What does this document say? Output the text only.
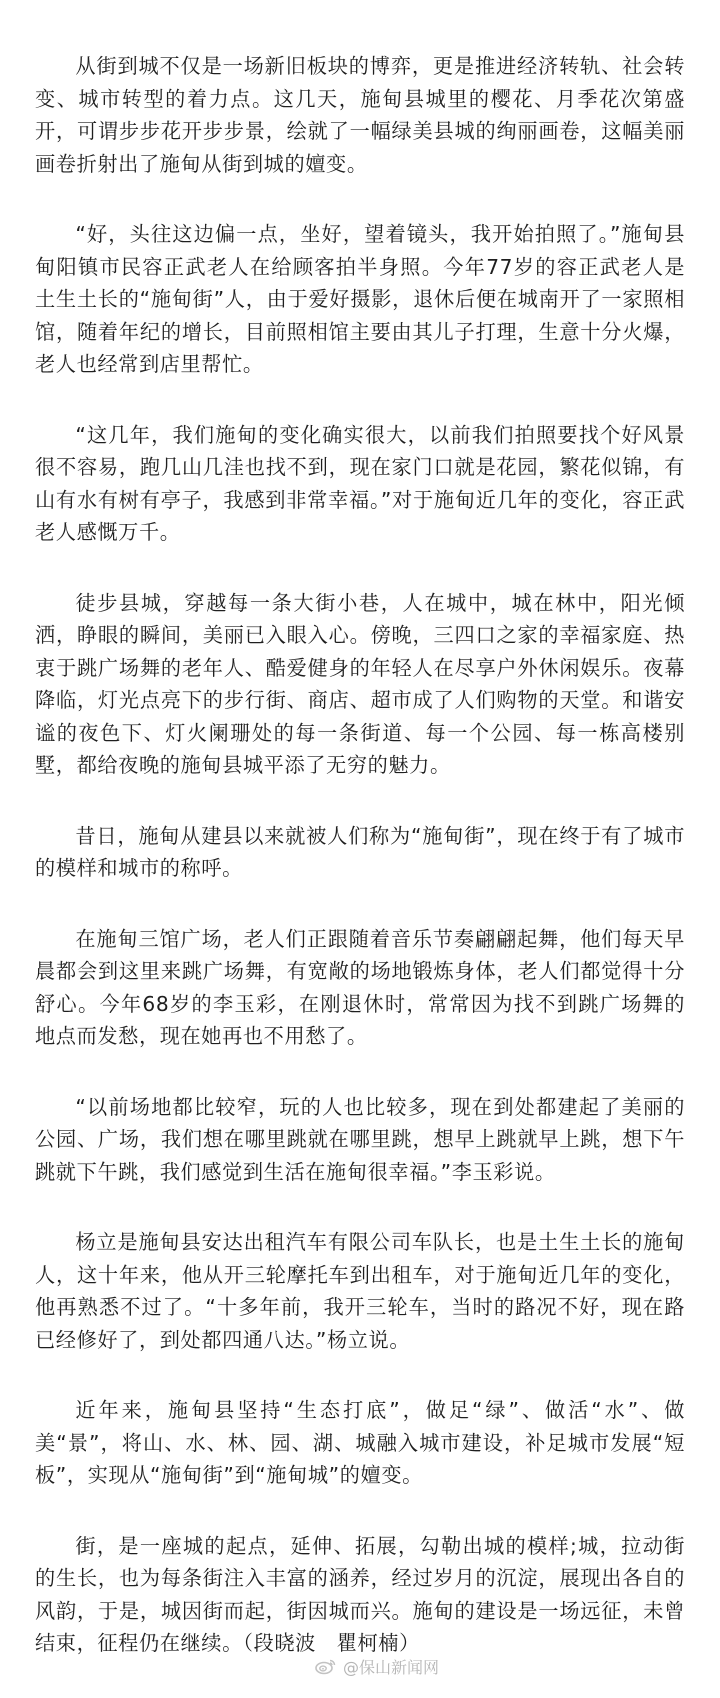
从街到城不仅是一场新旧板块的博弈，更是推进经济转轨、社会转变、城市转型的着力点。这几天，施甸县城里的樱花、月季花次第盛开，可谓步步花开步步景，绘就了一幅绿美县城的绚丽画卷，这幅美丽画卷折射出了施甸从街到城的嬗变。

“好，头往这边偏一点，坐好，望着镜头，我开始拍照了。”施甸县甸阳镇市民容正武老人在给顾客拍半身照。今年77岁的容正武老人是土生土长的“施甸街”人，由于爱好摄影，退休后便在城南开了一家照相馆，随着年纪的增长，目前照相馆主要由其儿子打理，生意十分火爆，老人也经常到店里帮忙。

“这几年，我们施甸的变化确实很大，以前我们拍照要找个好风景很不容易，跑几山几洼也找不到，现在家门口就是花园，繁花似锦，有山有水有树有亭子，我感到非常幸福。”对于施甸近几年的变化，容正武老人感慨万千。

徒步县城，穿越每一条大街小巷，人在城中，城在林中，阳光倾洒，睁眼的瞬间，美丽已入眼入心。傍晚，三四口之家的幸福家庭、热衷于跳广场舞的老年人、酷爱健身的年轻人在尽享户外休闲娱乐。夜幕降临，灯光点亮下的步行街、商店、超市成了人们购物的天堂。和谐安谧的夜色下、灯火阑珊处的每一条街道、每一个公园、每一栋高楼别墅，都给夜晚的施甸县城平添了无穷的魅力。

昔日，施甸从建县以来就被人们称为“施甸街”，现在终于有了城市的模样和城市的称呼。

在施甸三馆广场，老人们正跟随着音乐节奏翩翩起舞，他们每天早晨都会到这里来跳广场舞，有宽敞的场地锻炼身体，老人们都觉得十分舒心。今年68岁的李玉彩，在刚退休时，常常因为找不到跳广场舞的地点而发愁，现在她再也不用愁了。

“以前场地都比较窄，玩的人也比较多，现在到处都建起了美丽的公园、广场，我们想在哪里跳就在哪里跳，想早上跳就早上跳，想下午跳就下午跳，我们感觉到生活在施甸很幸福。”李玉彩说。

杨立是施甸县安达出租汽车有限公司车队长，也是土生土长的施甸人，这十年来，他从开三轮摩托车到出租车，对于施甸近几年的变化，他再熟悉不过了。“十多年前，我开三轮车，当时的路况不好，现在路已经修好了，到处都四通八达。”杨立说。

近年来，施甸县坚持“生态打底”，做足“绿”、做活“水”、做美“景”，将山、水、林、园、湖、城融入城市建设，补足城市发展“短板”，实现从“施甸街”到“施甸城”的嬗变。

街，是一座城的起点，延伸、拓展，勾勒出城的模样;城，拉动街的生长，也为每条街注入丰富的涵养，经过岁月的沉淀，展现出各自的风韵，于是，城因街而起，街因城而兴。施甸的建设是一场远征，未曾结束，征程仍在继续。（段晓波　瞿柯楠）

@保山新闻网
